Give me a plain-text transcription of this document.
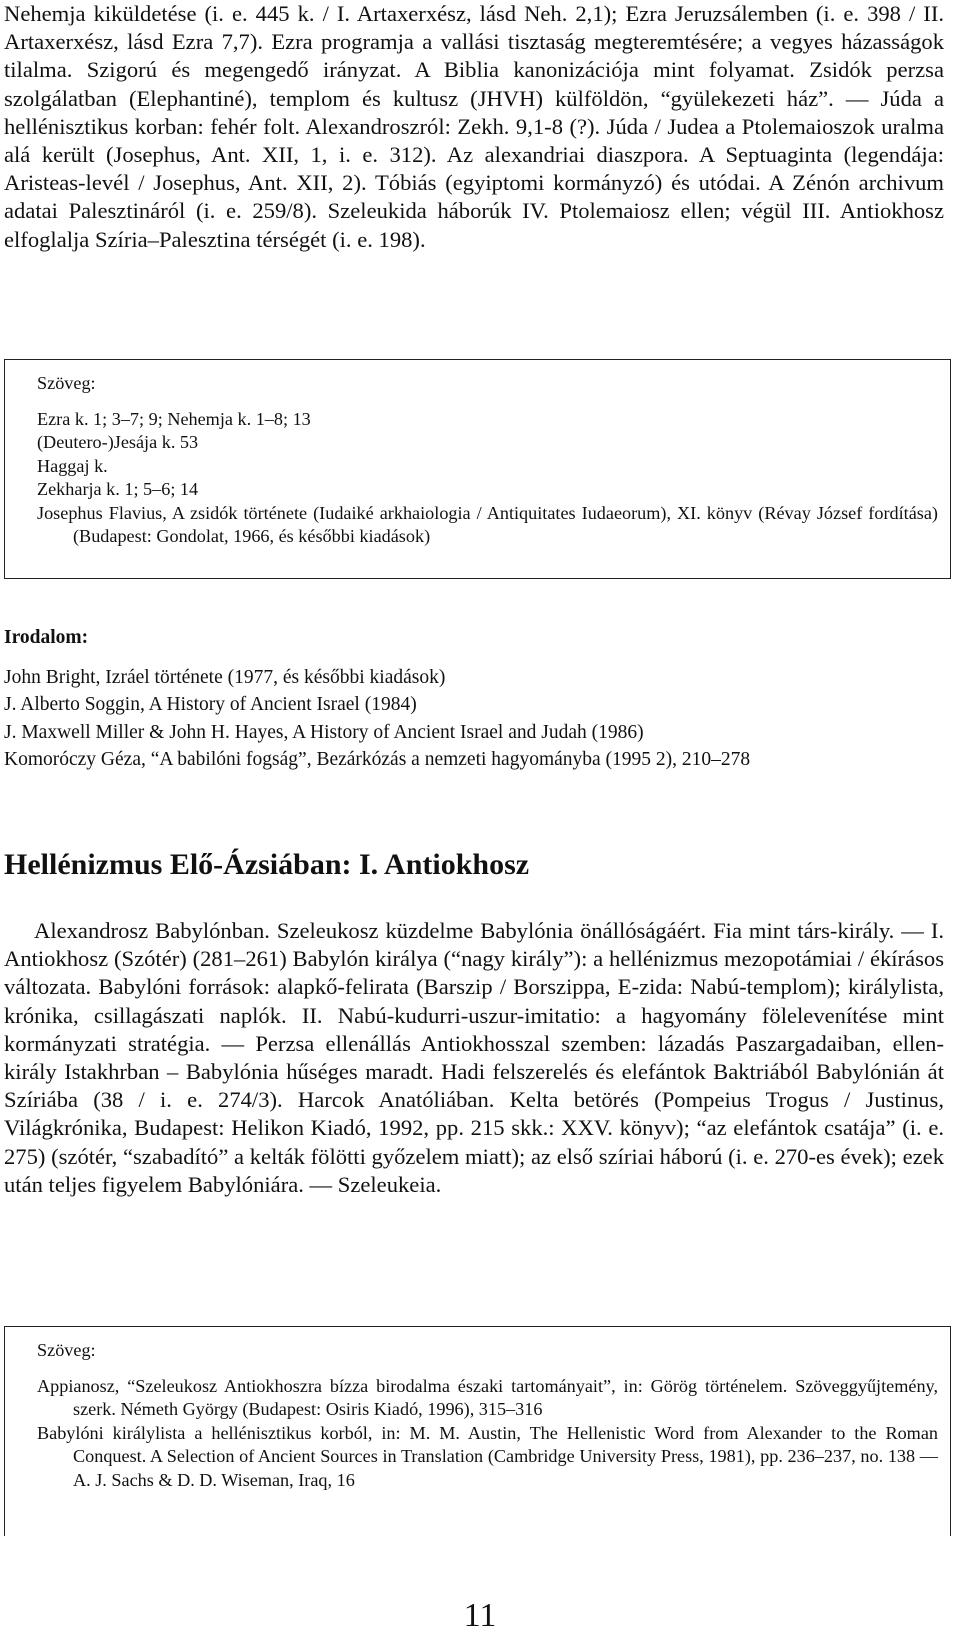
Nehemja kiküldetése (i. e. 445 k. / I. Artaxerxész, lásd Neh. 2,1); Ezra Jeruzsálemben (i. e. 398 / II. Artaxerxész, lásd Ezra 7,7). Ezra programja a vallási tisztaság megteremtésére; a vegyes házasságok tilalma. Szigorú és megengedő irányzat. A Biblia kanonizációja mint folyamat. Zsidók perzsa szolgálatban (Elephantiné), templom és kultusz (JHVH) külföldön, “gyülekezeti ház”. — Júda a hellénisztikus korban: fehér folt. Alexandroszról: Zekh. 9,1-8 (?). Júda / Judea a Ptolemaioszok uralma alá került (Josephus, Ant. XII, 1, i. e. 312). Az alexandriai diaszpora. A Septuaginta (legendája: Aristeas-levél / Josephus, Ant. XII, 2). Tóbiás (egyiptomi kormányzó) és utódai. A Zénón archivum adatai Palesztináról (i. e. 259/8). Szeleukida háborúk IV. Ptolemaiosz ellen; végül III. Antiokhosz elfoglalja Szíria–Palesztina térségét (i. e. 198).

Szöveg:

Ezra k. 1; 3–7; 9; Nehemja k. 1–8; 13

(Deutero-)Jesája k. 53

Haggaj k.

Zekharja k. 1; 5–6; 14

Josephus Flavius, A zsidók története (Iudaiké arkhaiologia / Antiquitates Iudaeorum), XI. könyv (Révay József fordítása) (Budapest: Gondolat, 1966, és későbbi kiadások)

Irodalom:

John Bright, Izráel története (1977, és későbbi kiadások)

J. Alberto Soggin, A History of Ancient Israel (1984)

J. Maxwell Miller & John H. Hayes, A History of Ancient Israel and Judah (1986)

Komoróczy Géza, “A babilóni fogság”, Bezárkózás a nemzeti hagyományba (1995 2), 210–278

Hellénizmus Elő-Ázsiában: I. Antiokhosz

Alexandrosz Babylónban. Szeleukosz küzdelme Babylónia önállóságáért. Fia mint társ-király. — I. Antiokhosz (Szótér) (281–261) Babylón királya (“nagy király”): a hellénizmus mezopotámiai / ékírásos változata. Babylóni források: alapkő-felirata (Barszip / Borszippa, E-zida: Nabú-templom); királylista, krónika, csillagászati naplók. II. Nabú-kudurri-uszur-imitatio: a hagyomány fölelevenítése mint kormányzati stratégia. — Perzsa ellenállás Antiokhosszal szemben: lázadás Paszargadaiban, ellen-király Istakhrban – Babylónia hűséges maradt. Hadi felszerelés és elefántok Baktriából Babylónián át Szíriába (38 / i. e. 274/3). Harcok Anatóliában. Kelta betörés (Pompeius Trogus / Justinus, Világkrónika, Budapest: Helikon Kiadó, 1992, pp. 215 skk.: XXV. könyv); “az elefántok csatája” (i. e. 275) (szótér, “szabadító” a kelták fölötti győzelem miatt); az első szíriai háború (i. e. 270-es évek); ezek után teljes figyelem Babylóniára. — Szeleukeia.

Szöveg:

Appianosz, “Szeleukosz Antiokhoszra bízza birodalma északi tartományait”, in: Görög történelem. Szöveggyűjtemény, szerk. Németh György (Budapest: Osiris Kiadó, 1996), 315–316

Babylóni királylista a hellénisztikus korból, in: M. M. Austin, The Hellenistic Word from Alexander to the Roman Conquest. A Selection of Ancient Sources in Translation (Cambridge University Press, 1981), pp. 236–237, no. 138 — A. J. Sachs & D. D. Wiseman, Iraq, 16

11
